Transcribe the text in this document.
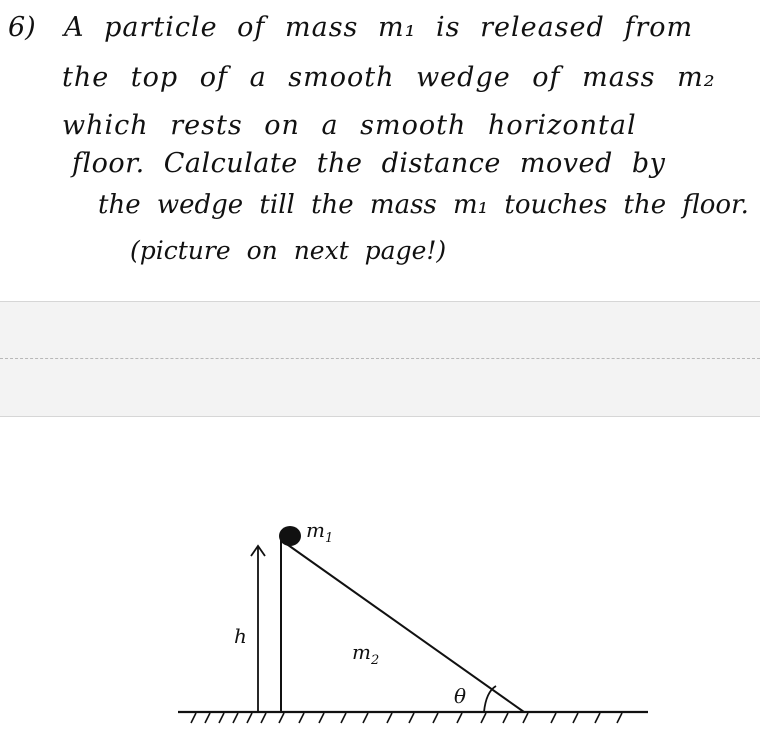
6) A particle of mass m₁ is released from
the top of a smooth wedge of mass m₂
which rests on a smooth horizontal
floor. Calculate the distance moved by
the wedge till the mass m₁ touches the floor.
(picture on next page!)
$m_1$
h
$m_2$
θ
